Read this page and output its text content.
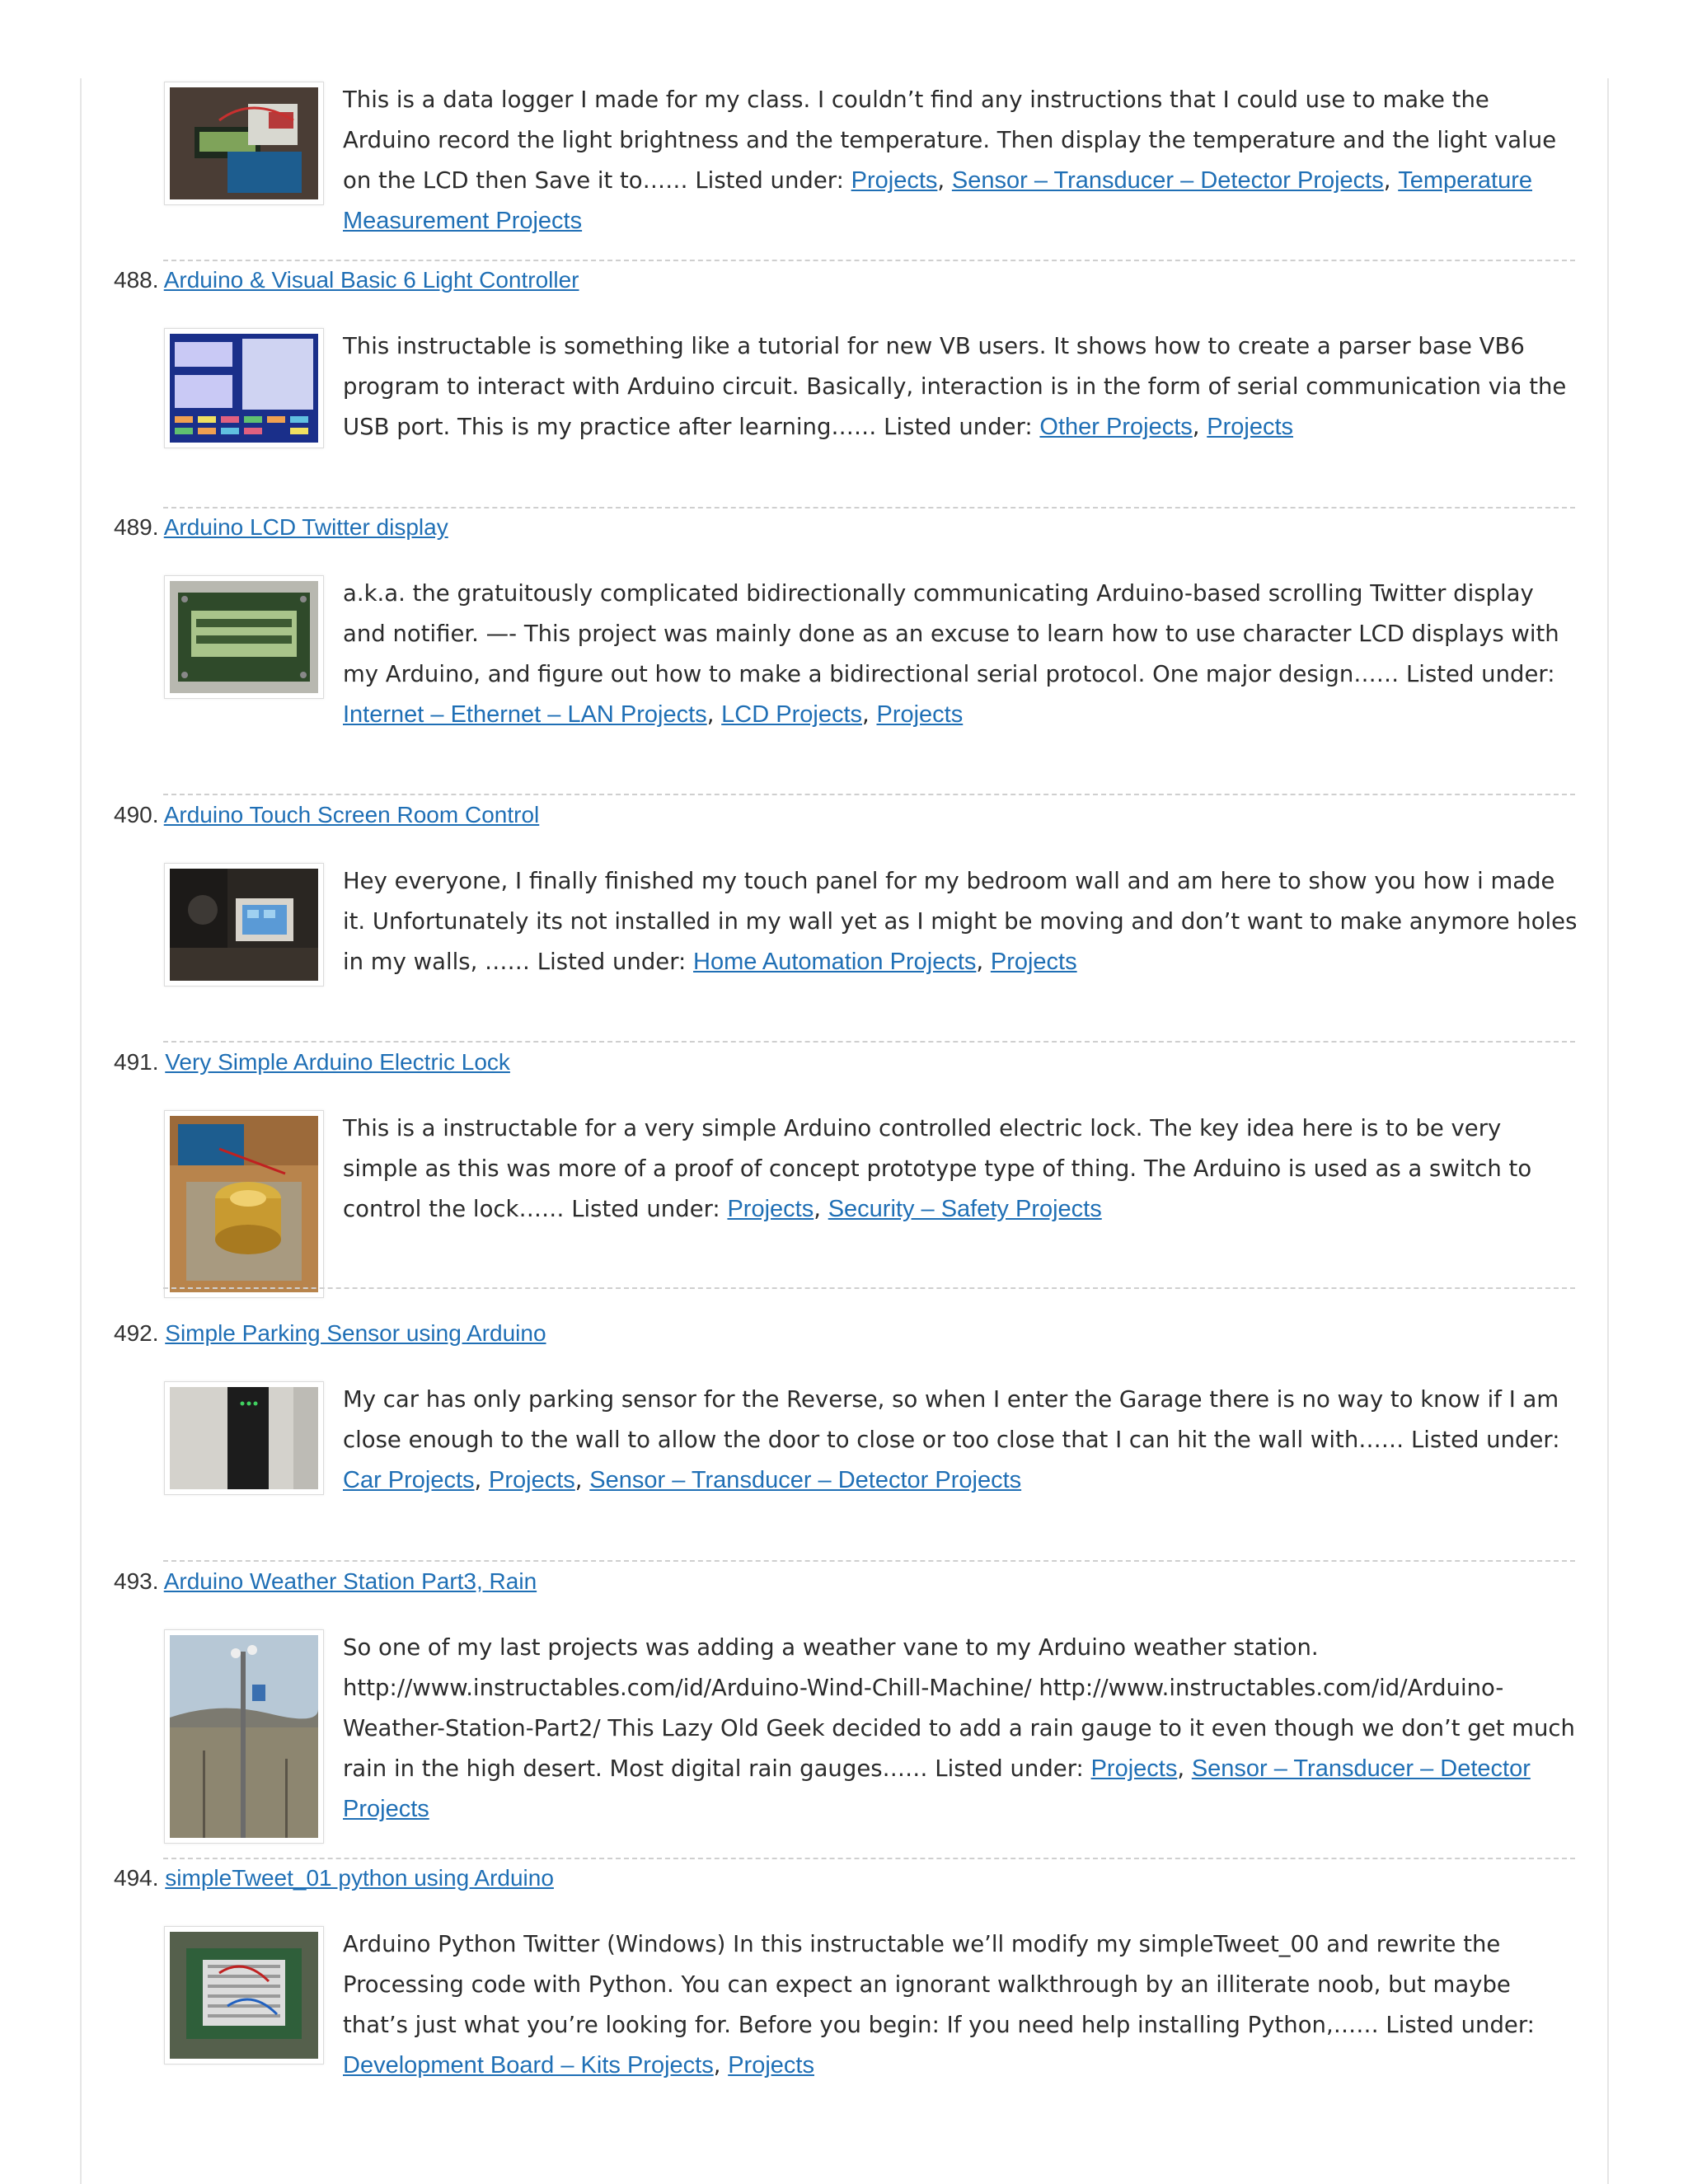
This is a data logger I made for my class. I couldn’t find any instructions that I could use to make the Arduino record the light brightness and the temperature. Then display the temperature and the light value on the LCD then Save it to…… Listed under: Projects, Sensor – Transducer – Detector Projects, Temperature Measurement Projects
488. Arduino & Visual Basic 6 Light Controller
This instructable is something like a tutorial for new VB users. It shows how to create a parser base VB6 program to interact with Arduino circuit. Basically, interaction is in the form of serial communication via the USB port. This is my practice after learning…… Listed under: Other Projects, Projects
489. Arduino LCD Twitter display
a.k.a. the gratuitously complicated bidirectionally communicating Arduino-based scrolling Twitter display and notifier. —- This project was mainly done as an excuse to learn how to use character LCD displays with my Arduino, and figure out how to make a bidirectional serial protocol. One major design…… Listed under: Internet – Ethernet – LAN Projects, LCD Projects, Projects
490. Arduino Touch Screen Room Control
Hey everyone, I finally finished my touch panel for my bedroom wall and am here to show you how i made it. Unfortunately its not installed in my wall yet as I might be moving and don’t want to make anymore holes in my walls, …… Listed under: Home Automation Projects, Projects
491. Very Simple Arduino Electric Lock
This is a instructable for a very simple Arduino controlled electric lock. The key idea here is to be very simple as this was more of a proof of concept prototype type of thing. The Arduino is used as a switch to control the lock…… Listed under: Projects, Security – Safety Projects
492. Simple Parking Sensor using Arduino
My car has only parking sensor for the Reverse, so when I enter the Garage there is no way to know if I am close enough to the wall to allow the door to close or too close that I can hit the wall with…… Listed under: Car Projects, Projects, Sensor – Transducer – Detector Projects
493. Arduino Weather Station Part3, Rain
So one of my last projects was adding a weather vane to my Arduino weather station. http://www.instructables.com/id/Arduino-Wind-Chill-Machine/ http://www.instructables.com/id/Arduino-Weather-Station-Part2/ This Lazy Old Geek decided to add a rain gauge to it even though we don’t get much rain in the high desert. Most digital rain gauges…… Listed under: Projects, Sensor – Transducer – Detector Projects
494. simpleTweet_01 python using Arduino
Arduino Python Twitter (Windows) In this instructable we’ll modify my simpleTweet_00 and rewrite the Processing code with Python. You can expect an ignorant walkthrough by an illiterate noob, but maybe that’s just what you’re looking for. Before you begin: If you need help installing Python,…… Listed under: Development Board – Kits Projects, Projects
